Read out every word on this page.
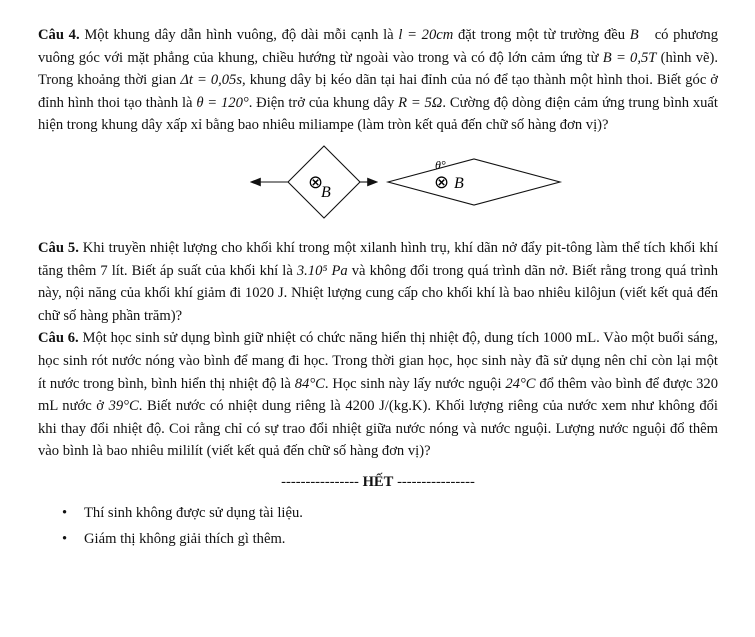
Câu 4. Một khung dây dẫn hình vuông, độ dài mỗi cạnh là l = 20cm đặt trong một từ trường đều B⃗ có phương vuông góc với mặt phẳng của khung, chiều hướng từ ngoài vào trong và có độ lớn cảm ứng từ B = 0,5T (hình vẽ). Trong khoảng thời gian Δt = 0,05s, khung dây bị kéo dãn tại hai đỉnh của nó để tạo thành một hình thoi. Biết góc ở đỉnh hình thoi tạo thành là θ = 120°. Điện trở của khung dây R = 5Ω. Cường độ dòng điện cảm ứng trung bình xuất hiện trong khung dây xấp xỉ bằng bao nhiêu miliampe (làm tròn kết quả đến chữ số hàng đơn vị)?

⊗
B⃗
θ°
⊗ B⃗

Câu 5. Khi truyền nhiệt lượng cho khối khí trong một xilanh hình trụ, khí dãn nở đẩy pit-tông làm thể tích khối khí tăng thêm 7 lít. Biết áp suất của khối khí là 3.10⁵ Pa và không đổi trong quá trình dãn nở. Biết rằng trong quá trình này, nội năng của khối khí giảm đi 1020 J. Nhiệt lượng cung cấp cho khối khí là bao nhiêu kilôjun (viết kết quả đến chữ số hàng phần trăm)?

Câu 6. Một học sinh sử dụng bình giữ nhiệt có chức năng hiển thị nhiệt độ, dung tích 1000 mL. Vào một buổi sáng, học sinh rót nước nóng vào bình để mang đi học. Trong thời gian học, học sinh này đã sử dụng nên chỉ còn lại một ít nước trong bình, bình hiển thị nhiệt độ là 84°C. Học sinh này lấy nước nguội 24°C đổ thêm vào bình để được 320 mL nước ở 39°C. Biết nước có nhiệt dung riêng là 4200 J/(kg.K). Khối lượng riêng của nước xem như không đổi khi thay đổi nhiệt độ. Coi rằng chỉ có sự trao đổi nhiệt giữa nước nóng và nước nguội. Lượng nước nguội đổ thêm vào bình là bao nhiêu mililít (viết kết quả đến chữ số hàng đơn vị)?

---------------- HẾT ----------------
• Thí sinh không được sử dụng tài liệu.
• Giám thị không giải thích gì thêm.
